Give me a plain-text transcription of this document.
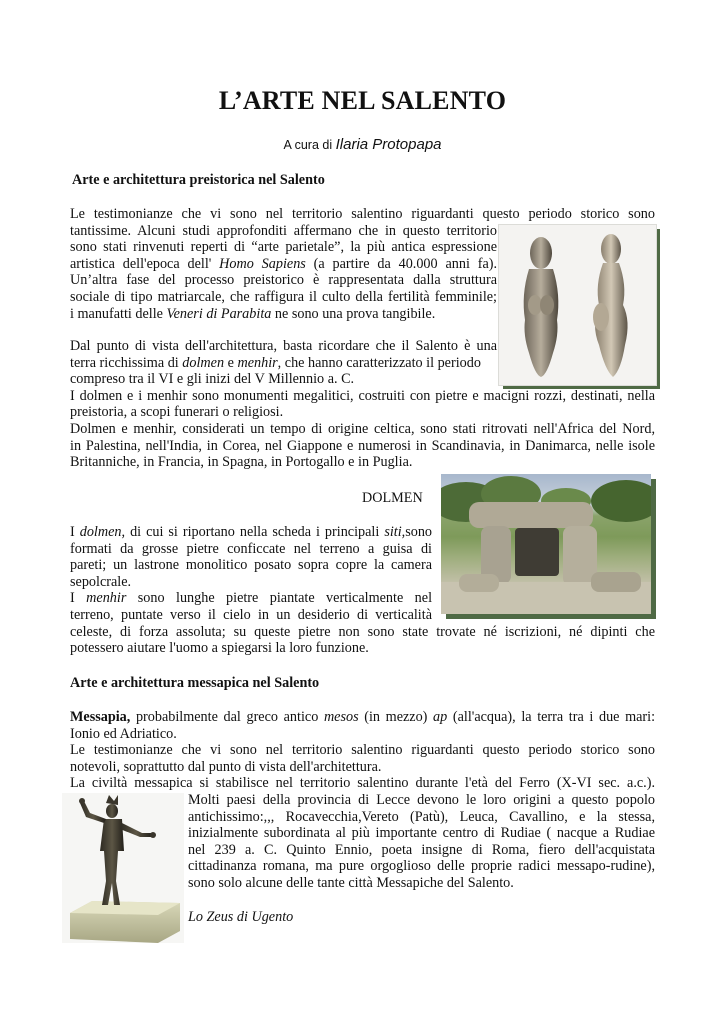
L’ARTE NEL SALENTO
A cura di Ilaria Protopapa
Arte e architettura preistorica nel Salento
Le testimonianze che vi sono nel territorio salentino riguardanti questo periodo storico sono
tantissime. Alcuni studi approfonditi affermano che in questo territorio
sono stati rinvenuti reperti di “arte parietale”, la più antica espressione
artistica dell'epoca dell' Homo Sapiens (a partire da 40.000 anni fa).
Un’altra fase del processo preistorico è rappresentata dalla struttura
sociale di tipo matriarcale, che raffigura il culto della fertilità femminile;
i manufatti delle Veneri di Parabita ne sono una prova tangibile.
Dal punto di vista dell'architettura, basta ricordare che il Salento è una
terra ricchissima di dolmen e menhir, che hanno caratterizzato il periodo
compreso tra il VI e gli inizi del V Millennio a. C.
I dolmen e i menhir sono monumenti megalitici, costruiti con pietre e macigni rozzi, destinati, nella
preistoria, a scopi funerari o religiosi.
Dolmen e menhir, considerati un tempo di origine celtica, sono stati ritrovati nell'Africa del Nord,
in Palestina, nell'India, in Corea, nel Giappone e numerosi in Scandinavia, in Danimarca, nelle isole
Britanniche, in Francia, in Spagna, in Portogallo e in Puglia.
DOLMEN
I dolmen, di cui si riportano nella scheda i principali siti,sono
formati da grosse pietre conficcate nel terreno a guisa di
pareti; un lastrone monolitico posato sopra copre la camera
sepolcrale.
I menhir sono lunghe pietre piantate verticalmente nel
terreno, puntate verso il cielo in un desiderio di verticalità
celeste, di forza assoluta; su queste pietre non sono state trovate né iscrizioni, né dipinti che
potessero aiutare l'uomo a spiegarsi la loro funzione.
Arte e architettura messapica nel Salento
Messapia, probabilmente dal greco antico mesos (in mezzo) ap (all'acqua), la terra tra i due mari:
Ionio ed Adriatico.
Le testimonianze che vi sono nel territorio salentino riguardanti questo periodo storico sono
notevoli, soprattutto dal punto di vista dell'architettura.
La civiltà messapica si stabilisce nel territorio salentino durante l'età del Ferro (X-VI sec. a.c.).
Molti paesi della provincia di Lecce devono le loro origini a questo popolo
antichissimo:,,, Rocavecchia,Vereto (Patù), Leuca, Cavallino, e la stessa,
inizialmente subordinata al più importante centro di Rudiae ( nacque a Rudiae
nel 239 a. C. Quinto Ennio, poeta insigne di Roma, fiero dell'acquistata
cittadinanza romana, ma pure orgoglioso delle proprie radici messapo-rudine),
sono solo alcune delle tante città Messapiche del Salento.
Lo Zeus di Ugento
